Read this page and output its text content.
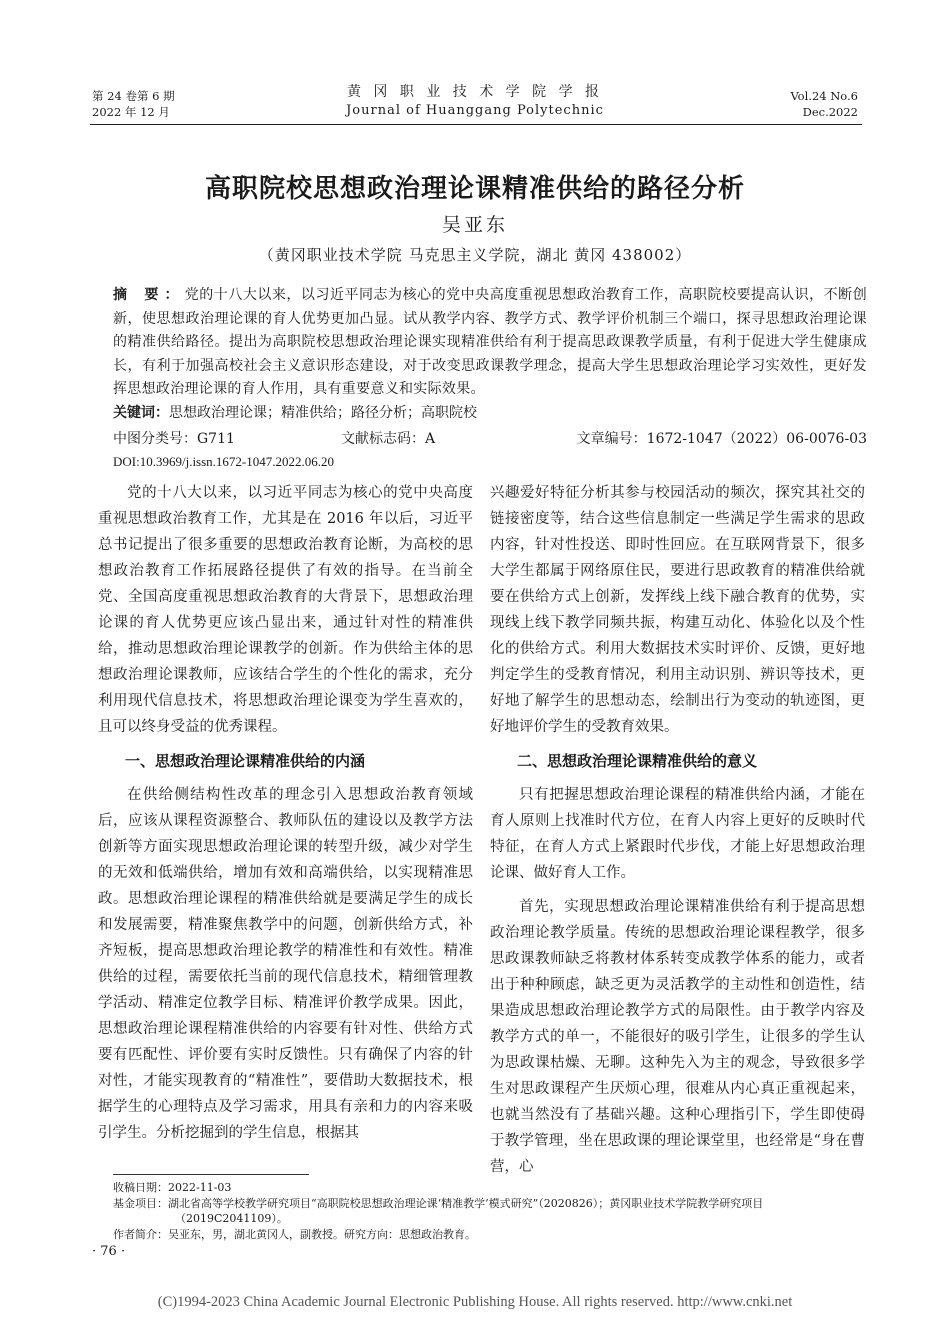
第 24 卷第 6 期
2022 年 12 月
黄 冈 职 业 技 术 学 院 学 报
Journal of Huanggang Polytechnic
Vol.24 No.6
Dec.2022
高职院校思想政治理论课精准供给的路径分析
吴亚东
（黄冈职业技术学院 马克思主义学院，湖北 黄冈 438002）
摘 要：党的十八大以来，以习近平同志为核心的党中央高度重视思想政治教育工作，高职院校要提高认识，不断创新，使思想政治理论课的育人优势更加凸显。试从教学内容、教学方式、教学评价机制三个端口，探寻思想政治理论课的精准供给路径。提出为高职院校思想政治理论课实现精准供给有利于提高思政课教学质量，有利于促进大学生健康成长，有利于加强高校社会主义意识形态建设，对于改变思政课教学理念，提高大学生思想政治理论学习实效性，更好发挥思想政治理论课的育人作用，具有重要意义和实际效果。
关键词：思想政治理论课；精准供给；路径分析；高职院校
中图分类号：G711	文献标志码：A	文章编号：1672-1047（2022）06-0076-03
DOI:10.3969/j.issn.1672-1047.2022.06.20

党的十八大以来，以习近平同志为核心的党中央高度重视思想政治教育工作，尤其是在 2016 年以后，习近平总书记提出了很多重要的思想政治教育论断，为高校的思想政治教育工作拓展路径提供了有效的指导。在当前全党、全国高度重视思想政治教育的大背景下，思想政治理论课的育人优势更应该凸显出来，通过针对性的精准供给，推动思想政治理论课教学的创新。作为供给主体的思想政治理论课教师，应该结合学生的个性化的需求，充分利用现代信息技术，将思想政治理论课变为学生喜欢的，且可以终身受益的优秀课程。

一、思想政治理论课精准供给的内涵

在供给侧结构性改革的理念引入思想政治教育领域后，应该从课程资源整合、教师队伍的建设以及教学方法创新等方面实现思想政治理论课的转型升级，减少对学生的无效和低端供给，增加有效和高端供给，以实现精准思政。思想政治理论课程的精准供给就是要满足学生的成长和发展需要，精准聚焦教学中的问题，创新供给方式，补齐短板，提高思想政治理论教学的精准性和有效性。精准供给的过程，需要依托当前的现代信息技术，精细管理教学活动、精准定位教学目标、精准评价教学成果。因此，思想政治理论课程精准供给的内容要有针对性、供给方式要有匹配性、评价要有实时反馈性。只有确保了内容的针对性，才能实现教育的“精准性”，要借助大数据技术，根据学生的心理特点及学习需求，用具有亲和力的内容来吸引学生。分析挖掘到的学生信息，根据其

兴趣爱好特征分析其参与校园活动的频次，探究其社交的链接密度等，结合这些信息制定一些满足学生需求的思政内容，针对性投送、即时性回应。在互联网背景下，很多大学生都属于网络原住民，要进行思政教育的精准供给就要在供给方式上创新，发挥线上线下融合教育的优势，实现线上线下教学同频共振，构建互动化、体验化以及个性化的供给方式。利用大数据技术实时评价、反馈，更好地判定学生的受教育情况，利用主动识别、辨识等技术，更好地了解学生的思想动态，绘制出行为变动的轨迹图，更好地评价学生的受教育效果。

二、思想政治理论课精准供给的意义

只有把握思想政治理论课程的精准供给内涵，才能在育人原则上找准时代方位，在育人内容上更好的反映时代特征，在育人方式上紧跟时代步伐，才能上好思想政治理论课、做好育人工作。

首先，实现思想政治理论课精准供给有利于提高思想政治理论教学质量。传统的思想政治理论课程教学，很多思政课教师缺乏将教材体系转变成教学体系的能力，或者出于种种顾虑，缺乏更为灵活教学的主动性和创造性，结果造成思想政治理论教学方式的局限性。由于教学内容及教学方式的单一，不能很好的吸引学生，让很多的学生认为思政课枯燥、无聊。这种先入为主的观念，导致很多学生对思政课程产生厌烦心理，很难从内心真正重视起来，也就当然没有了基础兴趣。这种心理指引下，学生即使碍于教学管理，坐在思政课的理论课堂里，也经常是“身在曹营，心

收稿日期：2022-11-03
基金项目：湖北省高等学校教学研究项目“高职院校思想政治理论课‘精准教学’模式研究”（2020826）；黄冈职业技术学院教学研究项目（2019C2041109）。
作者简介：吴亚东，男，湖北黄冈人，副教授。研究方向：思想政治教育。
· 76 ·
(C)1994-2023 China Academic Journal Electronic Publishing House. All rights reserved. http://www.cnki.net
